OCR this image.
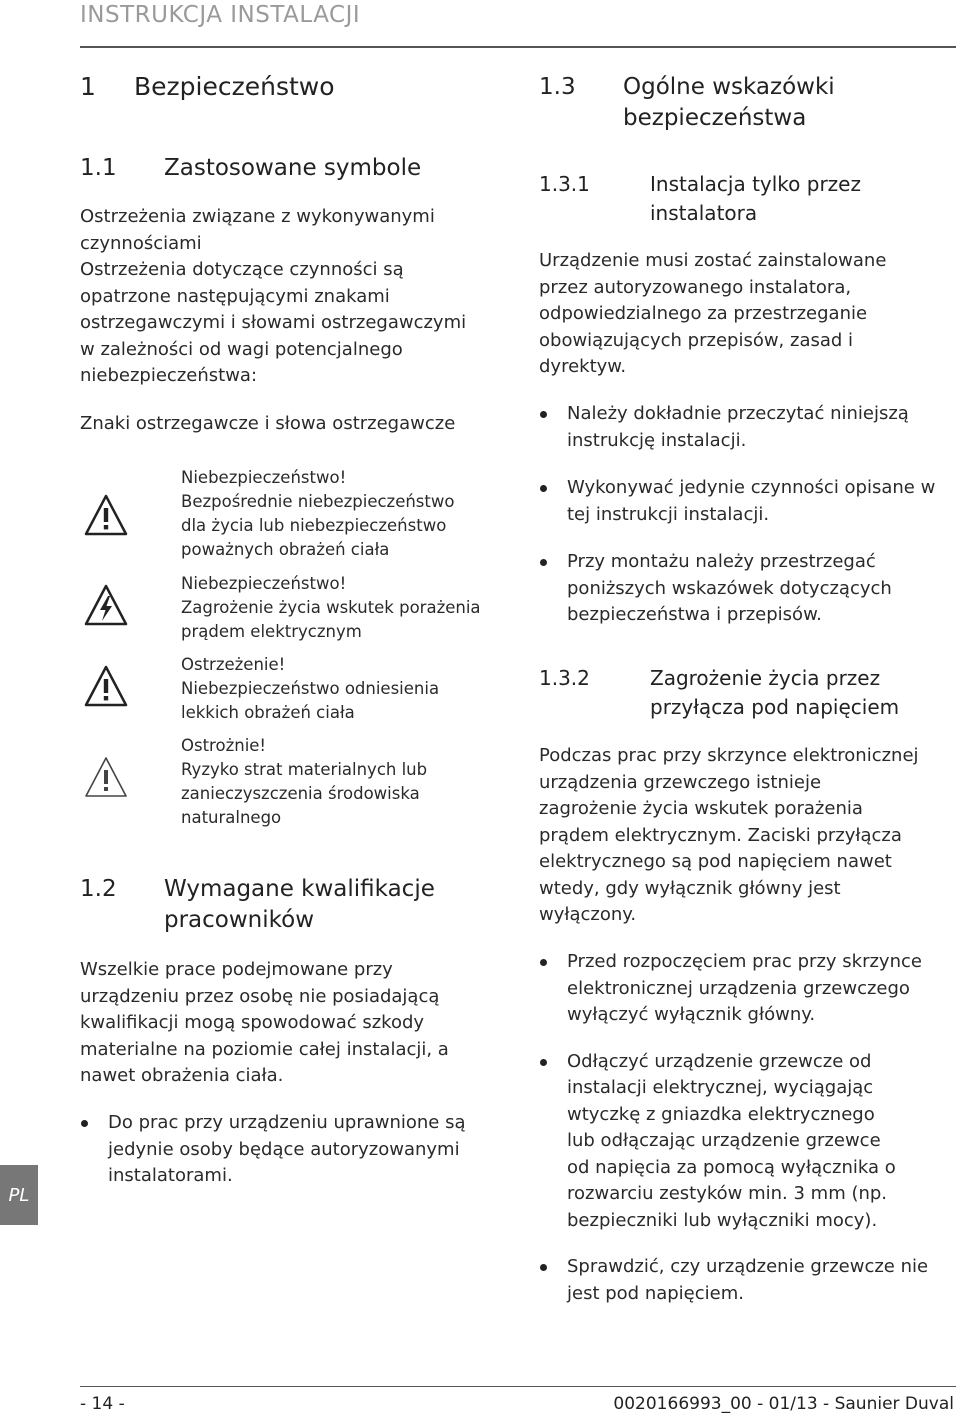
INSTRUKCJA INSTALACJI
1 Bezpieczeństwo
1.1	Zastosowane symbole
Ostrzeżenia związane z wykonywanymi
czynnościami
Ostrzeżenia dotyczące czynności są
opatrzone następującymi znakami
ostrzegawczymi i słowami ostrzegawczymi
w zależności od wagi potencjalnego
niebezpieczeństwa:
Znaki ostrzegawcze i słowa ostrzegawcze
Niebezpieczeństwo!
Bezpośrednie niebezpieczeństwo
dla życia lub niebezpieczeństwo
poważnych obrażeń ciała
Niebezpieczeństwo!
Zagrożenie życia wskutek porażenia
prądem elektrycznym
Ostrzeżenie!
Niebezpieczeństwo odniesienia
lekkich obrażeń ciała
Ostrożnie!
Ryzyko strat materialnych lub
zanieczyszczenia środowiska
naturalnego
1.2	Wymagane kwalifikacje
pracowników
Wszelkie prace podejmowane przy
urządzeniu przez osobę nie posiadającą
kwalifikacji mogą spowodować szkody
materialne na poziomie całej instalacji, a
nawet obrażenia ciała.
Do prac przy urządzeniu uprawnione są
jedynie osoby będące autoryzowanymi
instalatorami.
1.3	Ogólne wskazówki
bezpieczeństwa
1.3.1	Instalacja tylko przez
instalatora
Urządzenie musi zostać zainstalowane
przez autoryzowanego instalatora,
odpowiedzialnego za przestrzeganie
obowiązujących przepisów, zasad i
dyrektyw.
Należy dokładnie przeczytać niniejszą
instrukcję instalacji.
Wykonywać jedynie czynności opisane w
tej instrukcji instalacji.
Przy montażu należy przestrzegać
poniższych wskazówek dotyczących
bezpieczeństwa i przepisów.
1.3.2	Zagrożenie życia przez
przyłącza pod napięciem
Podczas prac przy skrzynce elektronicznej
urządzenia grzewczego istnieje
zagrożenie życia wskutek porażenia
prądem elektrycznym. Zaciski przyłącza
elektrycznego są pod napięciem nawet
wtedy, gdy wyłącznik główny jest
wyłączony.
Przed rozpoczęciem prac przy skrzynce
elektronicznej urządzenia grzewczego
wyłączyć wyłącznik główny.
Odłączyć urządzenie grzewcze od
instalacji elektrycznej, wyciągając
wtyczkę z gniazdka elektrycznego
lub odłączając urządzenie grzewce
od napięcia za pomocą wyłącznika o
rozwarciu zestyków min. 3 mm (np.
bezpieczniki lub wyłączniki mocy).
Sprawdzić, czy urządzenie grzewcze nie
jest pod napięciem.
PL
- 14 -	0020166993_00 - 01/13 - Saunier Duval
